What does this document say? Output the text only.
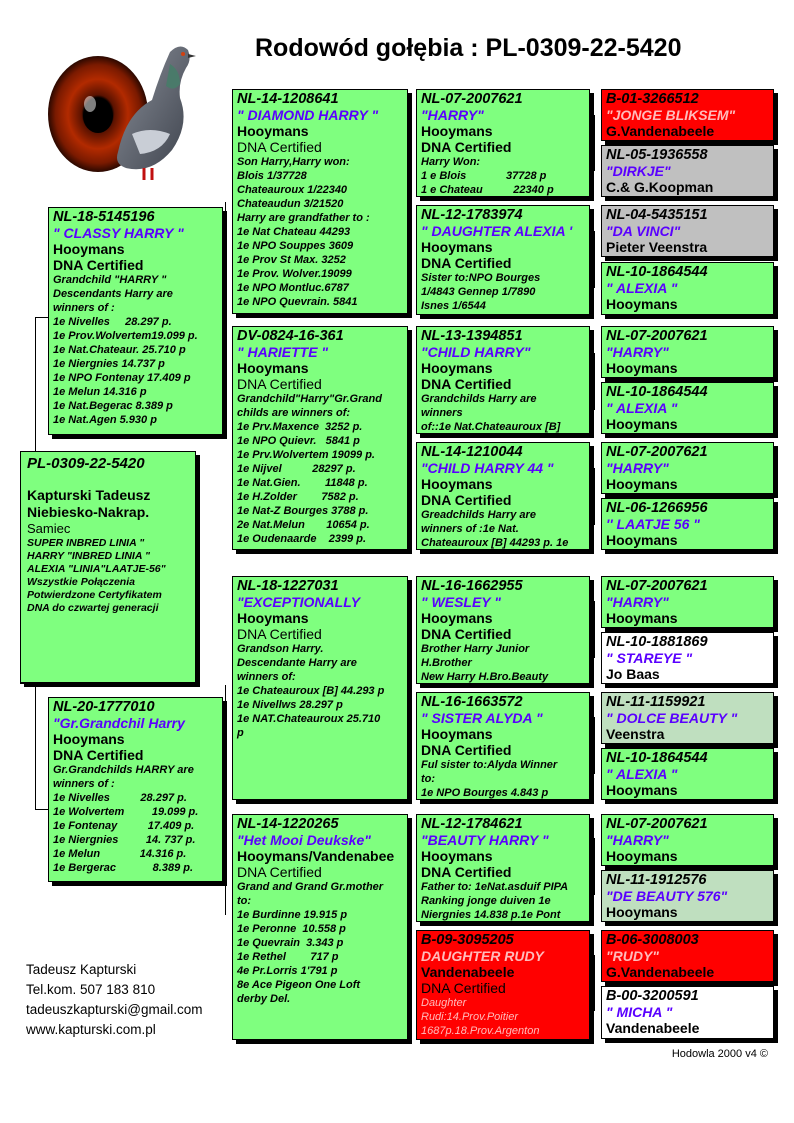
Rodowód gołębia : PL-0309-22-5420
PL-0309-22-5420
Kapturski Tadeusz
Niebiesko-Nakrap.
Samiec
SUPER INBRED LINIA "
HARRY "INBRED LINIA "
ALEXIA "LINIA"LAATJE-56"
Wszystkie Połączenia
Potwierdzone Certyfikatem
DNA do czwartej generacji
NL-18-5145196
" CLASSY HARRY "
Hooymans
DNA Certified
Grandchild "HARRY "
Descendants Harry are
winners of :
1e Nivelles     28.297 p.
1e Prov.Wolvertem19.099 p.
1e Nat.Chateaur. 25.710 p
1e Niergnies 14.737 p
1e NPO Fontenay 17.409 p
1e Melun 14.316 p
1e Nat.Begerac 8.389 p
1e Nat.Agen 5.930 p
NL-20-1777010
"Gr.Grandchil Harry
Hooymans
DNA Certified
Gr.Grandchilds HARRY are
winners of :
1e Nivelles          28.297 p.
1e Wolvertem         19.099 p.
1e Fontenay          17.409 p.
1e Niergnies         14. 737 p.
1e Melun             14.316 p.
1e Bergerac            8.389 p.
NL-14-1208641
" DIAMOND HARRY "
Hooymans
DNA Certified
Son Harry,Harry won:
Blois 1/37728
Chateauroux 1/22340
Chateaudun 3/21520
Harry are grandfather to :
1e Nat Chateau 44293
1e NPO Souppes 3609
1e Prov St Max. 3252
1e Prov. Wolver.19099
1e NPO Montluc.6787
1e NPO Quevrain. 5841
DV-0824-16-361
" HARIETTE "
Hooymans
DNA Certified
Grandchild"Harry"Gr.Grand
childs are winners of:
1e Prv.Maxence  3252 p.
1e NPO Quievr.   5841 p
1e Prv.Wolvertem 19099 p.
1e Nijvel          28297 p.
1e Nat.Gien.        11848 p.
1e H.Zolder        7582 p.
1e Nat-Z Bourges 3788 p.
2e Nat.Melun       10654 p.
1e Oudenaarde    2399 p.
NL-18-1227031
"EXCEPTIONALLY
Hooymans
DNA Certified
Grandson Harry.
Descendante Harry are
winners of:
1e Chateauroux [B] 44.293 p
1e Nivellws 28.297 p
1e NAT.Chateauroux 25.710
p
NL-14-1220265
"Het Mooi Deukske"
Hooymans/Vandenabee
DNA Certified
Grand and Grand Gr.mother
to:
1e Burdinne 19.915 p
1e Peronne  10.558 p
1e Quevrain  3.343 p
1e Rethel        717 p
4e Pr.Lorris 1'791 p
8e Ace Pigeon One Loft
derby Del.
NL-07-2007621
"HARRY"
Hooymans
DNA Certified
Harry Won:
1 e Blois             37728 p
1 e Chateau          22340 p
NL-12-1783974
" DAUGHTER ALEXIA '
Hooymans
DNA Certified
Sister to:NPO Bourges
1/4843 Gennep 1/7890
Isnes 1/6544
NL-13-1394851
"CHILD HARRY"
Hooymans
DNA Certified
Grandchilds Harry are
winners
of::1e Nat.Chateauroux [B]
NL-14-1210044
"CHILD HARRY 44 "
Hooymans
DNA Certified
Greadchilds Harry are
winners of :1e Nat.
Chateauroux [B] 44293 p. 1e
NL-16-1662955
" WESLEY "
Hooymans
DNA Certified
Brother Harry Junior
H.Brother
New Harry H.Bro.Beauty
NL-16-1663572
" SISTER ALYDA "
Hooymans
DNA Certified
Ful sister to:Alyda Winner
to:
1e NPO Bourges 4.843 p
NL-12-1784621
"BEAUTY HARRY "
Hooymans
DNA Certified
Father to: 1eNat.asduif PIPA
Ranking jonge duiven 1e
Niergnies 14.838 p.1e Pont
B-09-3095205
DAUGHTER RUDY
Vandenabeele
DNA Certified
Daughter
Rudi:14.Prov.Poitier
1687p.18.Prov.Argenton
B-01-3266512
"JONGE BLIKSEM"
G.Vandenabeele
NL-05-1936558
"DIRKJE"
C.& G.Koopman
NL-04-5435151
"DA VINCI"
Pieter Veenstra
NL-10-1864544
" ALEXIA "
Hooymans
NL-07-2007621
"HARRY"
Hooymans
NL-10-1864544
" ALEXIA "
Hooymans
NL-07-2007621
"HARRY"
Hooymans
NL-06-1266956
'' LAATJE 56 "
Hooymans
NL-07-2007621
"HARRY"
Hooymans
NL-10-1881869
" STAREYE "
Jo Baas
NL-11-1159921
" DOLCE BEAUTY "
Veenstra
NL-10-1864544
" ALEXIA "
Hooymans
NL-07-2007621
"HARRY"
Hooymans
NL-11-1912576
"DE BEAUTY 576"
Hooymans
B-06-3008003
"RUDY"
G.Vandenabeele
B-00-3200591
" MICHA "
Vandenabeele
Tadeusz Kapturski
Tel.kom. 507 183 810
tadeuszkapturski@gmail.com
www.kapturski.com.pl
Hodowla 2000 v4 ©
